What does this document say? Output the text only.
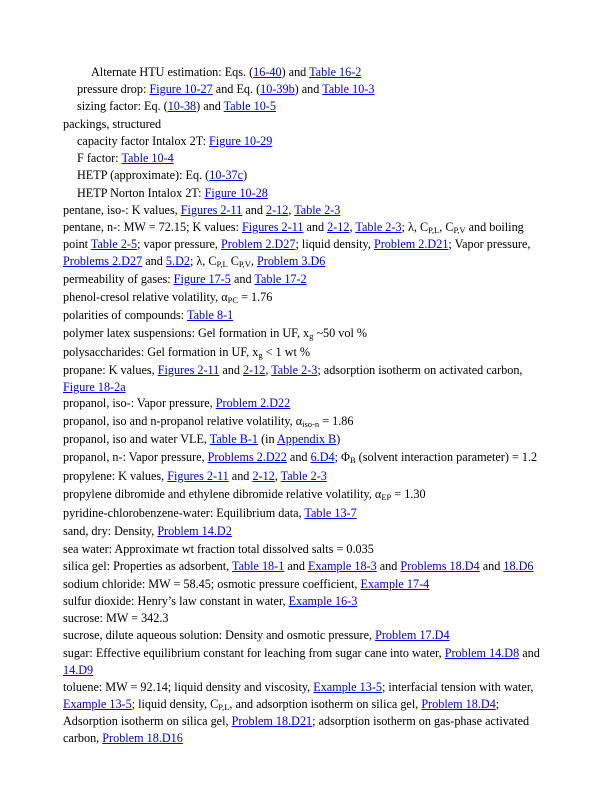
Alternate HTU estimation: Eqs. (16-40) and Table 16-2
pressure drop: Figure 10-27 and Eq. (10-39b) and Table 10-3
sizing factor: Eq. (10-38) and Table 10-5
packings, structured
capacity factor Intalox 2T: Figure 10-29
F factor: Table 10-4
HETP (approximate): Eq. (10-37c)
HETP Norton Intalox 2T: Figure 10-28
pentane, iso-: K values, Figures 2-11 and 2-12, Table 2-3
pentane, n-: MW = 72.15; K values: Figures 2-11 and 2-12, Table 2-3; λ, $C_{P,L}$, $C_{P,V}$ and boiling point Table 2-5; vapor pressure, Problem 2.D27; liquid density, Problem 2.D21; Vapor pressure, Problems 2.D27 and 5.D2; λ, $C_{P,L}$ $C_{P,V}$, Problem 3.D6
permeability of gases: Figure 17-5 and Table 17-2
phenol-cresol relative volatility, $\alpha_{PC} = 1.76$
polarities of compounds: Table 8-1
polymer latex suspensions: Gel formation in UF, $x_g$ ~50 vol %
polysaccharides: Gel formation in UF, $x_g < 1$ wt %
propane: K values, Figures 2-11 and 2-12, Table 2-3; adsorption isotherm on activated carbon, Figure 18-2a
propanol, iso-: Vapor pressure, Problem 2.D22
propanol, iso and n-propanol relative volatility, $\alpha_{iso-n} = 1.86$
propanol, iso and water VLE, Table B-1 (in Appendix B)
propanol, n-: Vapor pressure, Problems 2.D22 and 6.D4; $\Phi_B$ (solvent interaction parameter) = 1.2
propylene: K values, Figures 2-11 and 2-12, Table 2-3
propylene dibromide and ethylene dibromide relative volatility, $\alpha_{EP} = 1.30$
pyridine-chlorobenzene-water: Equilibrium data, Table 13-7
sand, dry: Density, Problem 14.D2
sea water: Approximate wt fraction total dissolved salts = 0.035
silica gel: Properties as adsorbent, Table 18-1 and Example 18-3 and Problems 18.D4 and 18.D6
sodium chloride: MW = 58.45; osmotic pressure coefficient, Example 17-4
sulfur dioxide: Henry’s law constant in water, Example 16-3
sucrose: MW = 342.3
sucrose, dilute aqueous solution: Density and osmotic pressure, Problem 17.D4
sugar: Effective equilibrium constant for leaching from sugar cane into water, Problem 14.D8 and 14.D9
toluene: MW = 92.14; liquid density and viscosity, Example 13-5; interfacial tension with water, Example 13-5; liquid density, $C_{P,L}$, and adsorption isotherm on silica gel, Problem 18.D4; Adsorption isotherm on silica gel, Problem 18.D21; adsorption isotherm on gas-phase activated carbon, Problem 18.D16
